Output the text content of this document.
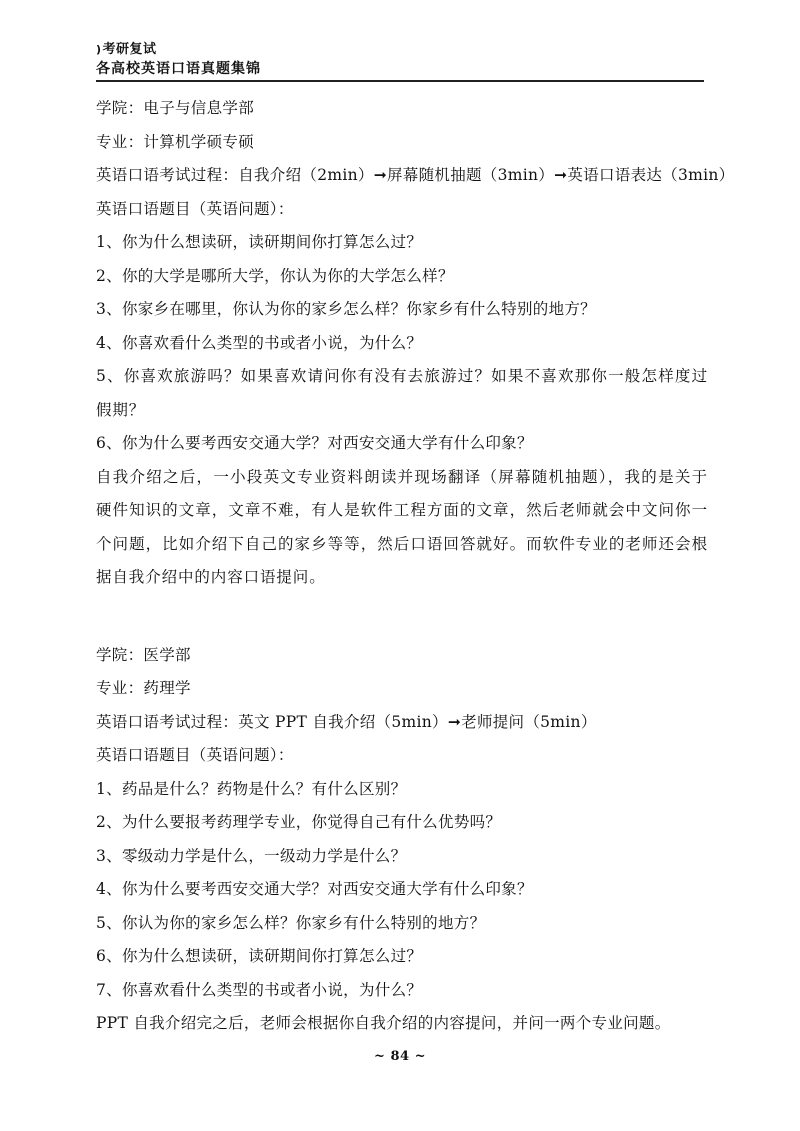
)考研复试
各高校英语口语真题集锦
学院：电子与信息学部
专业：计算机学硕专硕
英语口语考试过程：自我介绍（2min）➞屏幕随机抽题（3min）➞英语口语表达（3min）
英语口语题目（英语问题）：
1、你为什么想读研，读研期间你打算怎么过？
2、你的大学是哪所大学，你认为你的大学怎么样？
3、你家乡在哪里，你认为你的家乡怎么样？你家乡有什么特别的地方？
4、你喜欢看什么类型的书或者小说，为什么？
5、你喜欢旅游吗？如果喜欢请问你有没有去旅游过？如果不喜欢那你一般怎样度过假期？
6、你为什么要考西安交通大学？对西安交通大学有什么印象？
自我介绍之后，一小段英文专业资料朗读并现场翻译（屏幕随机抽题），我的是关于硬件知识的文章，文章不难，有人是软件工程方面的文章，然后老师就会中文问你一个问题，比如介绍下自己的家乡等等，然后口语回答就好。而软件专业的老师还会根据自我介绍中的内容口语提问。
学院：医学部
专业：药理学
英语口语考试过程：英文 PPT 自我介绍（5min）➞老师提问（5min）
英语口语题目（英语问题）：
1、药品是什么？药物是什么？有什么区别？
2、为什么要报考药理学专业，你觉得自己有什么优势吗？
3、零级动力学是什么，一级动力学是什么？
4、你为什么要考西安交通大学？对西安交通大学有什么印象？
5、你认为你的家乡怎么样？你家乡有什么特别的地方？
6、你为什么想读研，读研期间你打算怎么过？
7、你喜欢看什么类型的书或者小说，为什么？
PPT 自我介绍完之后，老师会根据你自我介绍的内容提问，并问一两个专业问题。
~ 84 ~
